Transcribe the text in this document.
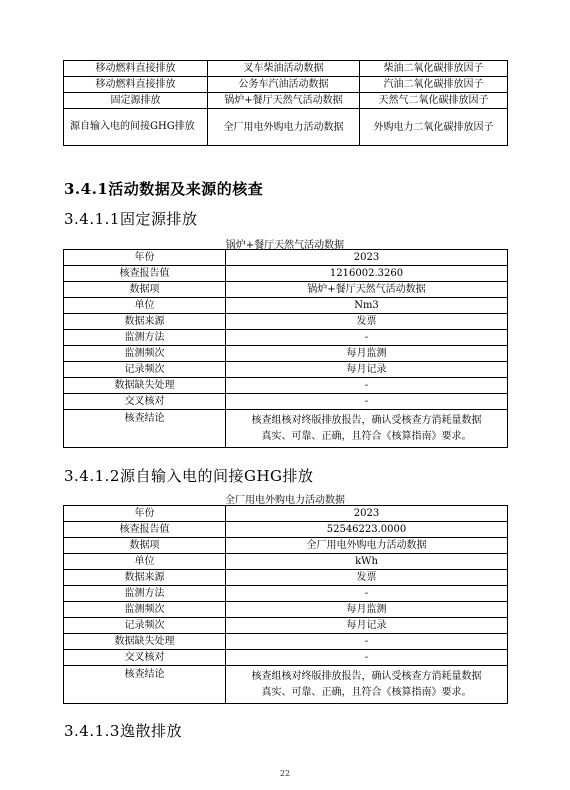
移动燃料直接排放	叉车柴油活动数据	柴油二氧化碳排放因子
移动燃料直接排放	公务车汽油活动数据	汽油二氧化碳排放因子
固定源排放	锅炉+餐厅天然气活动数据	天然气二氧化碳排放因子
源自输入电的间接GHG排放	全厂用电外购电力活动数据	外购电力二氧化碳排放因子
3.4.1活动数据及来源的核查
3.4.1.1固定源排放
锅炉+餐厅天然气活动数据
年份	2023
核查报告值	1216002.3260
数据项	锅炉+餐厅天然气活动数据
单位	Nm3
数据来源	发票
监测方法	-
监测频次	每月监测
记录频次	每月记录
数据缺失处理	-
交叉核对	-
核查结论	核查组核对终版排放报告，确认受核查方消耗量数据
真实、可靠、正确，且符合《核算指南》要求。
3.4.1.2源自输入电的间接GHG排放
全厂用电外购电力活动数据
年份	2023
核查报告值	52546223.0000
数据项	全厂用电外购电力活动数据
单位	kWh
数据来源	发票
监测方法	-
监测频次	每月监测
记录频次	每月记录
数据缺失处理	-
交叉核对	-
核查结论	核查组核对终版排放报告，确认受核查方消耗量数据
真实、可靠、正确，且符合《核算指南》要求。
3.4.1.3逸散排放
22
